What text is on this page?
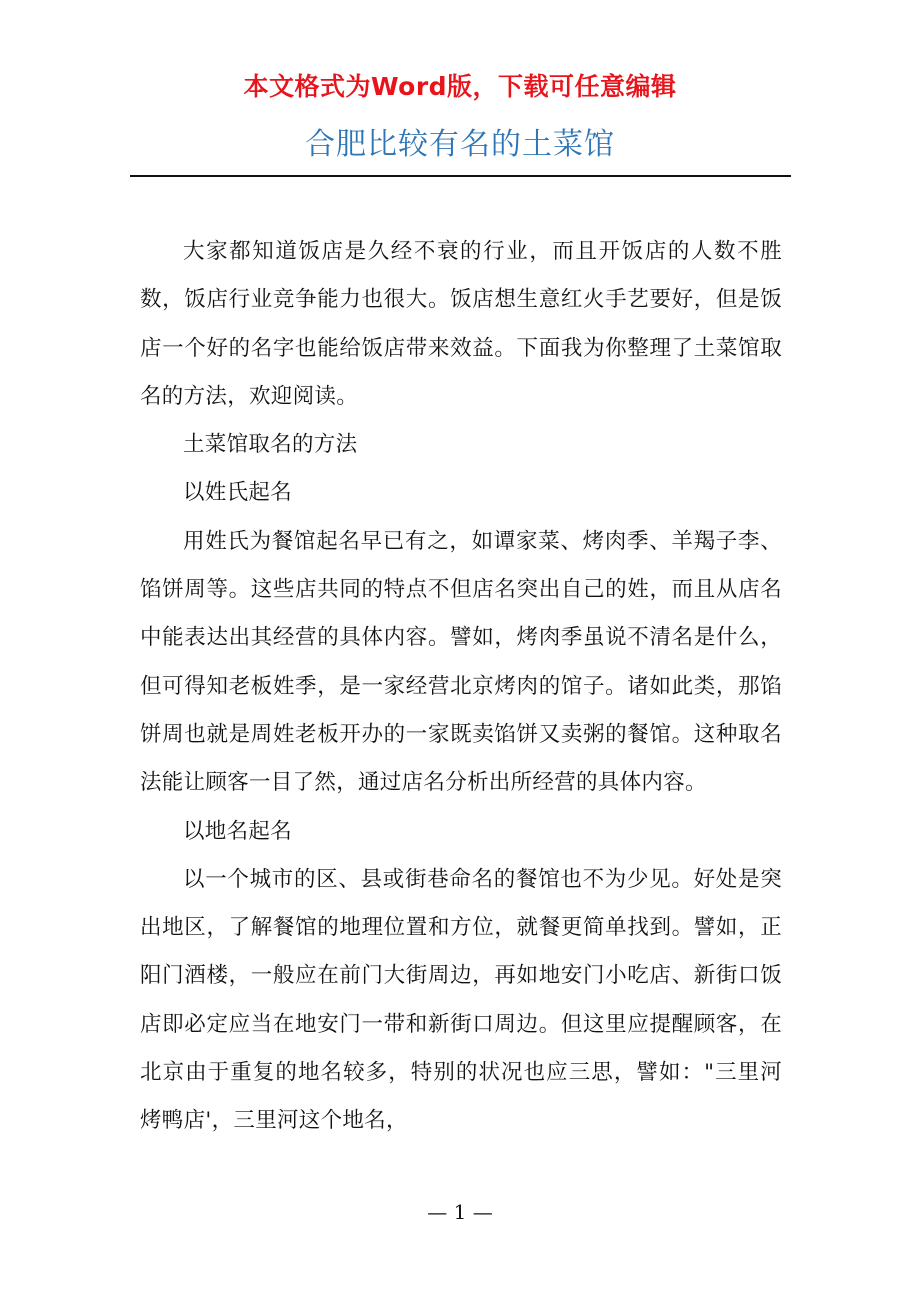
本文格式为Word版，下载可任意编辑
合肥比较有名的土菜馆

大家都知道饭店是久经不衰的行业，而且开饭店的人数不胜数，饭店行业竞争能力也很大。饭店想生意红火手艺要好，但是饭店一个好的名字也能给饭店带来效益。下面我为你整理了土菜馆取名的方法，欢迎阅读。

土菜馆取名的方法

以姓氏起名

用姓氏为餐馆起名早已有之，如谭家菜、烤肉季、羊羯子李、馅饼周等。这些店共同的特点不但店名突出自己的姓，而且从店名中能表达出其经营的具体内容。譬如，烤肉季虽说不清名是什么，但可得知老板姓季，是一家经营北京烤肉的馆子。诸如此类，那馅饼周也就是周姓老板开办的一家既卖馅饼又卖粥的餐馆。这种取名法能让顾客一目了然，通过店名分析出所经营的具体内容。

以地名起名

以一个城市的区、县或街巷命名的餐馆也不为少见。好处是突出地区，了解餐馆的地理位置和方位，就餐更简单找到。譬如，正阳门酒楼，一般应在前门大街周边，再如地安门小吃店、新街口饭店即必定应当在地安门一带和新街口周边。但这里应提醒顾客，在北京由于重复的地名较多，特别的状况也应三思，譬如："三里河烤鸭店'，三里河这个地名，

— 1 —
